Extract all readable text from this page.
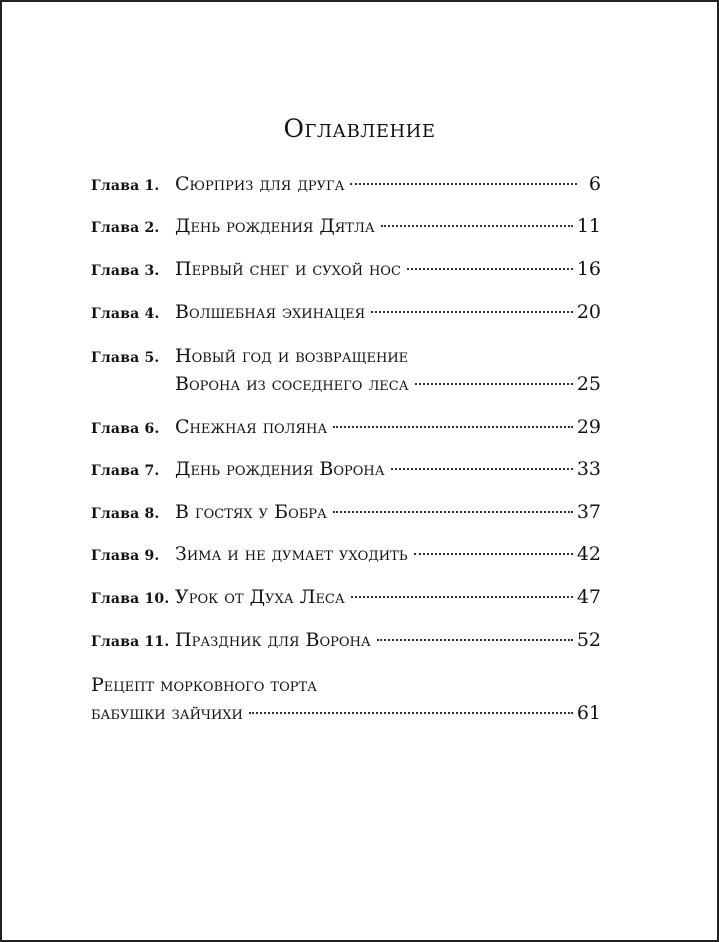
Оглавление
Глава 1. Сюрприз для друга	6
Глава 2. День рождения Дятла	11
Глава 3. Первый снег и сухой нос	16
Глава 4. Волшебная эхинацея	20
Глава 5. Новый год и возвращение
Ворона из соседнего леса	25
Глава 6. Снежная поляна	29
Глава 7. День рождения Ворона	33
Глава 8. В гостях у Бобра	37
Глава 9. Зима и не думает уходить	42
Глава 10. Урок от Духа Леса	47
Глава 11. Праздник для Ворона	52
Рецепт морковного торта
бабушки зайчихи	61
